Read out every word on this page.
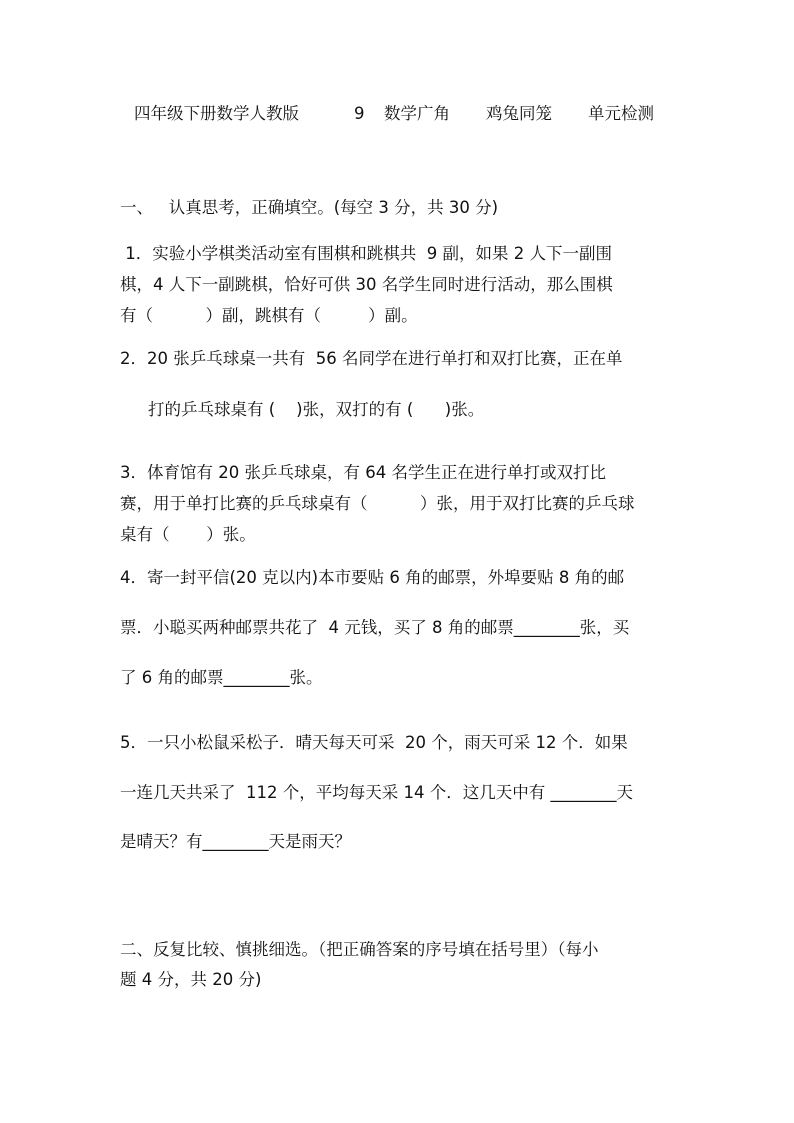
四年级下册数学人教版	9 数学广角 鸡兔同笼 单元检测
一、   认真思考，正确填空。(每空 3 分，共 30 分)
1．实验小学棋类活动室有围棋和跳棋共  9 副，如果 2 人下一副围
棋，4 人下一副跳棋，恰好可供 30 名学生同时进行活动，那么围棋
有（          ）副，跳棋有（         ）副。
2．20 张乒乓球桌一共有  56 名同学在进行单打和双打比赛，正在单
打的乒乓球桌有 (    )张，双打的有 (      )张。
3．体育馆有 20 张乒乓球桌，有 64 名学生正在进行单打或双打比
赛，用于单打比赛的乒乓球桌有（          ）张，用于双打比赛的乒乓球
桌有（       ）张。
4．寄一封平信(20 克以内)本市要贴 6 角的邮票，外埠要贴 8 角的邮
票．小聪买两种邮票共花了  4 元钱，买了 8 角的邮票________张，买
了 6 角的邮票________张。
5．一只小松鼠采松子．晴天每天可采  20 个，雨天可采 12 个．如果
一连几天共采了  112 个，平均每天采 14 个．这几天中有 ________天
是晴天？有________天是雨天？
二、反复比较、慎挑细选。（把正确答案的序号填在括号里）（每小
题 4 分，共 20 分)
